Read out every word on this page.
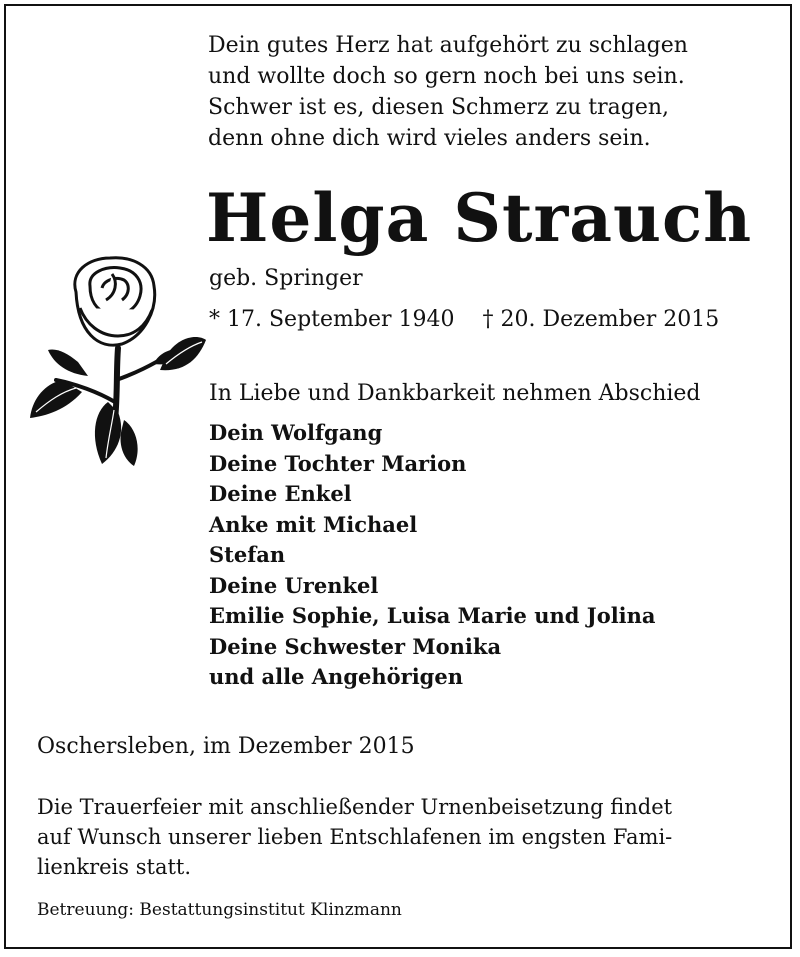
Dein gutes Herz hat aufgehört zu schlagen
und wollte doch so gern noch bei uns sein.
Schwer ist es, diesen Schmerz zu tragen,
denn ohne dich wird vieles anders sein.
Helga Strauch
geb. Springer
* 17. September 1940 † 20. Dezember 2015
In Liebe und Dankbarkeit nehmen Abschied
Dein Wolfgang
Deine Tochter Marion
Deine Enkel
Anke mit Michael
Stefan
Deine Urenkel
Emilie Sophie, Luisa Marie und Jolina
Deine Schwester Monika
und alle Angehörigen
Oschersleben, im Dezember 2015
Die Trauerfeier mit anschließender Urnenbeisetzung findet
auf Wunsch unserer lieben Entschlafenen im engsten Fami-
lienkreis statt.
Betreuung: Bestattungsinstitut Klinzmann
